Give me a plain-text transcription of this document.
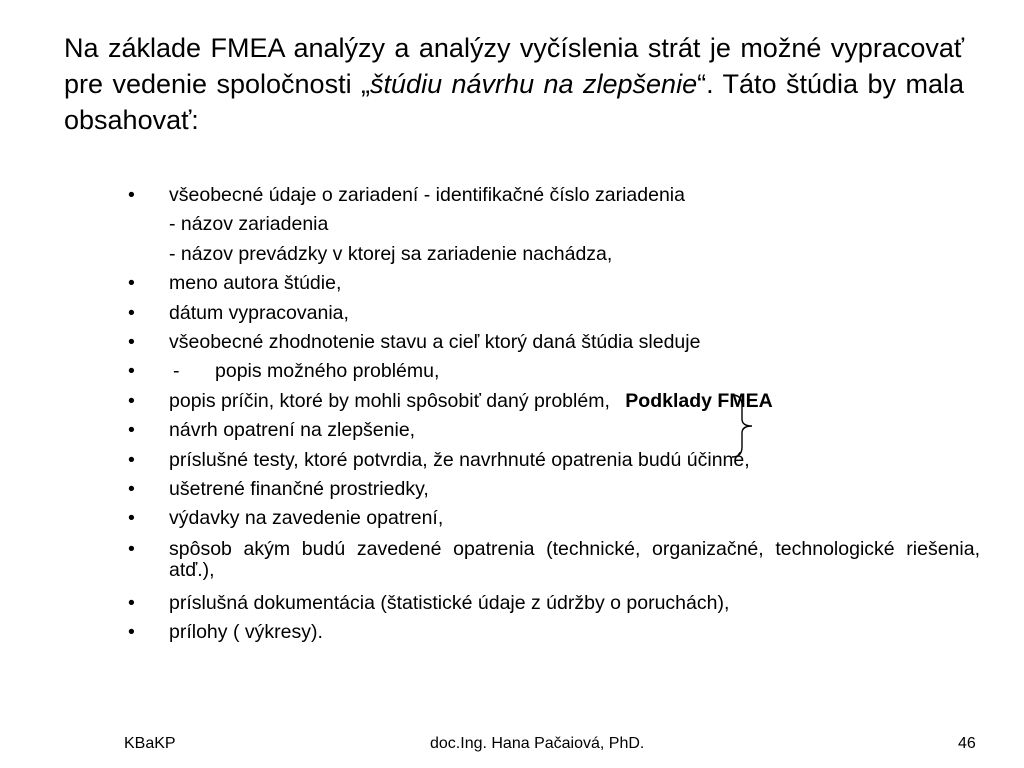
Na základe FMEA analýzy a analýzy vyčíslenia strát je možné vypracovať pre vedenie spoločnosti „štúdiu návrhu na zlepšenie“. Táto štúdia by mala obsahovať:

• všeobecné údaje o zariadení - identifikačné číslo zariadenia
- názov zariadenia
- názov prevádzky v ktorej sa zariadenie nachádza,
• meno autora štúdie,
• dátum vypracovania,
• všeobecné zhodnotenie stavu a cieľ ktorý daná štúdia sleduje
• - popis možného problému,
• popis príčin, ktoré by mohli spôsobiť daný problém, Podklady FMEA
• návrh opatrení na zlepšenie,
• príslušné testy, ktoré potvrdia, že navrhnuté opatrenia budú účinné,
• ušetrené finančné prostriedky,
• výdavky na zavedenie opatrení,
• spôsob akým budú zavedené opatrenia (technické, organizačné, technologické riešenia, atď.),
• príslušná dokumentácia (štatistické údaje z údržby o poruchách),
• prílohy ( výkresy).
KBaKP	doc.Ing. Hana Pačaiová, PhD.	46
